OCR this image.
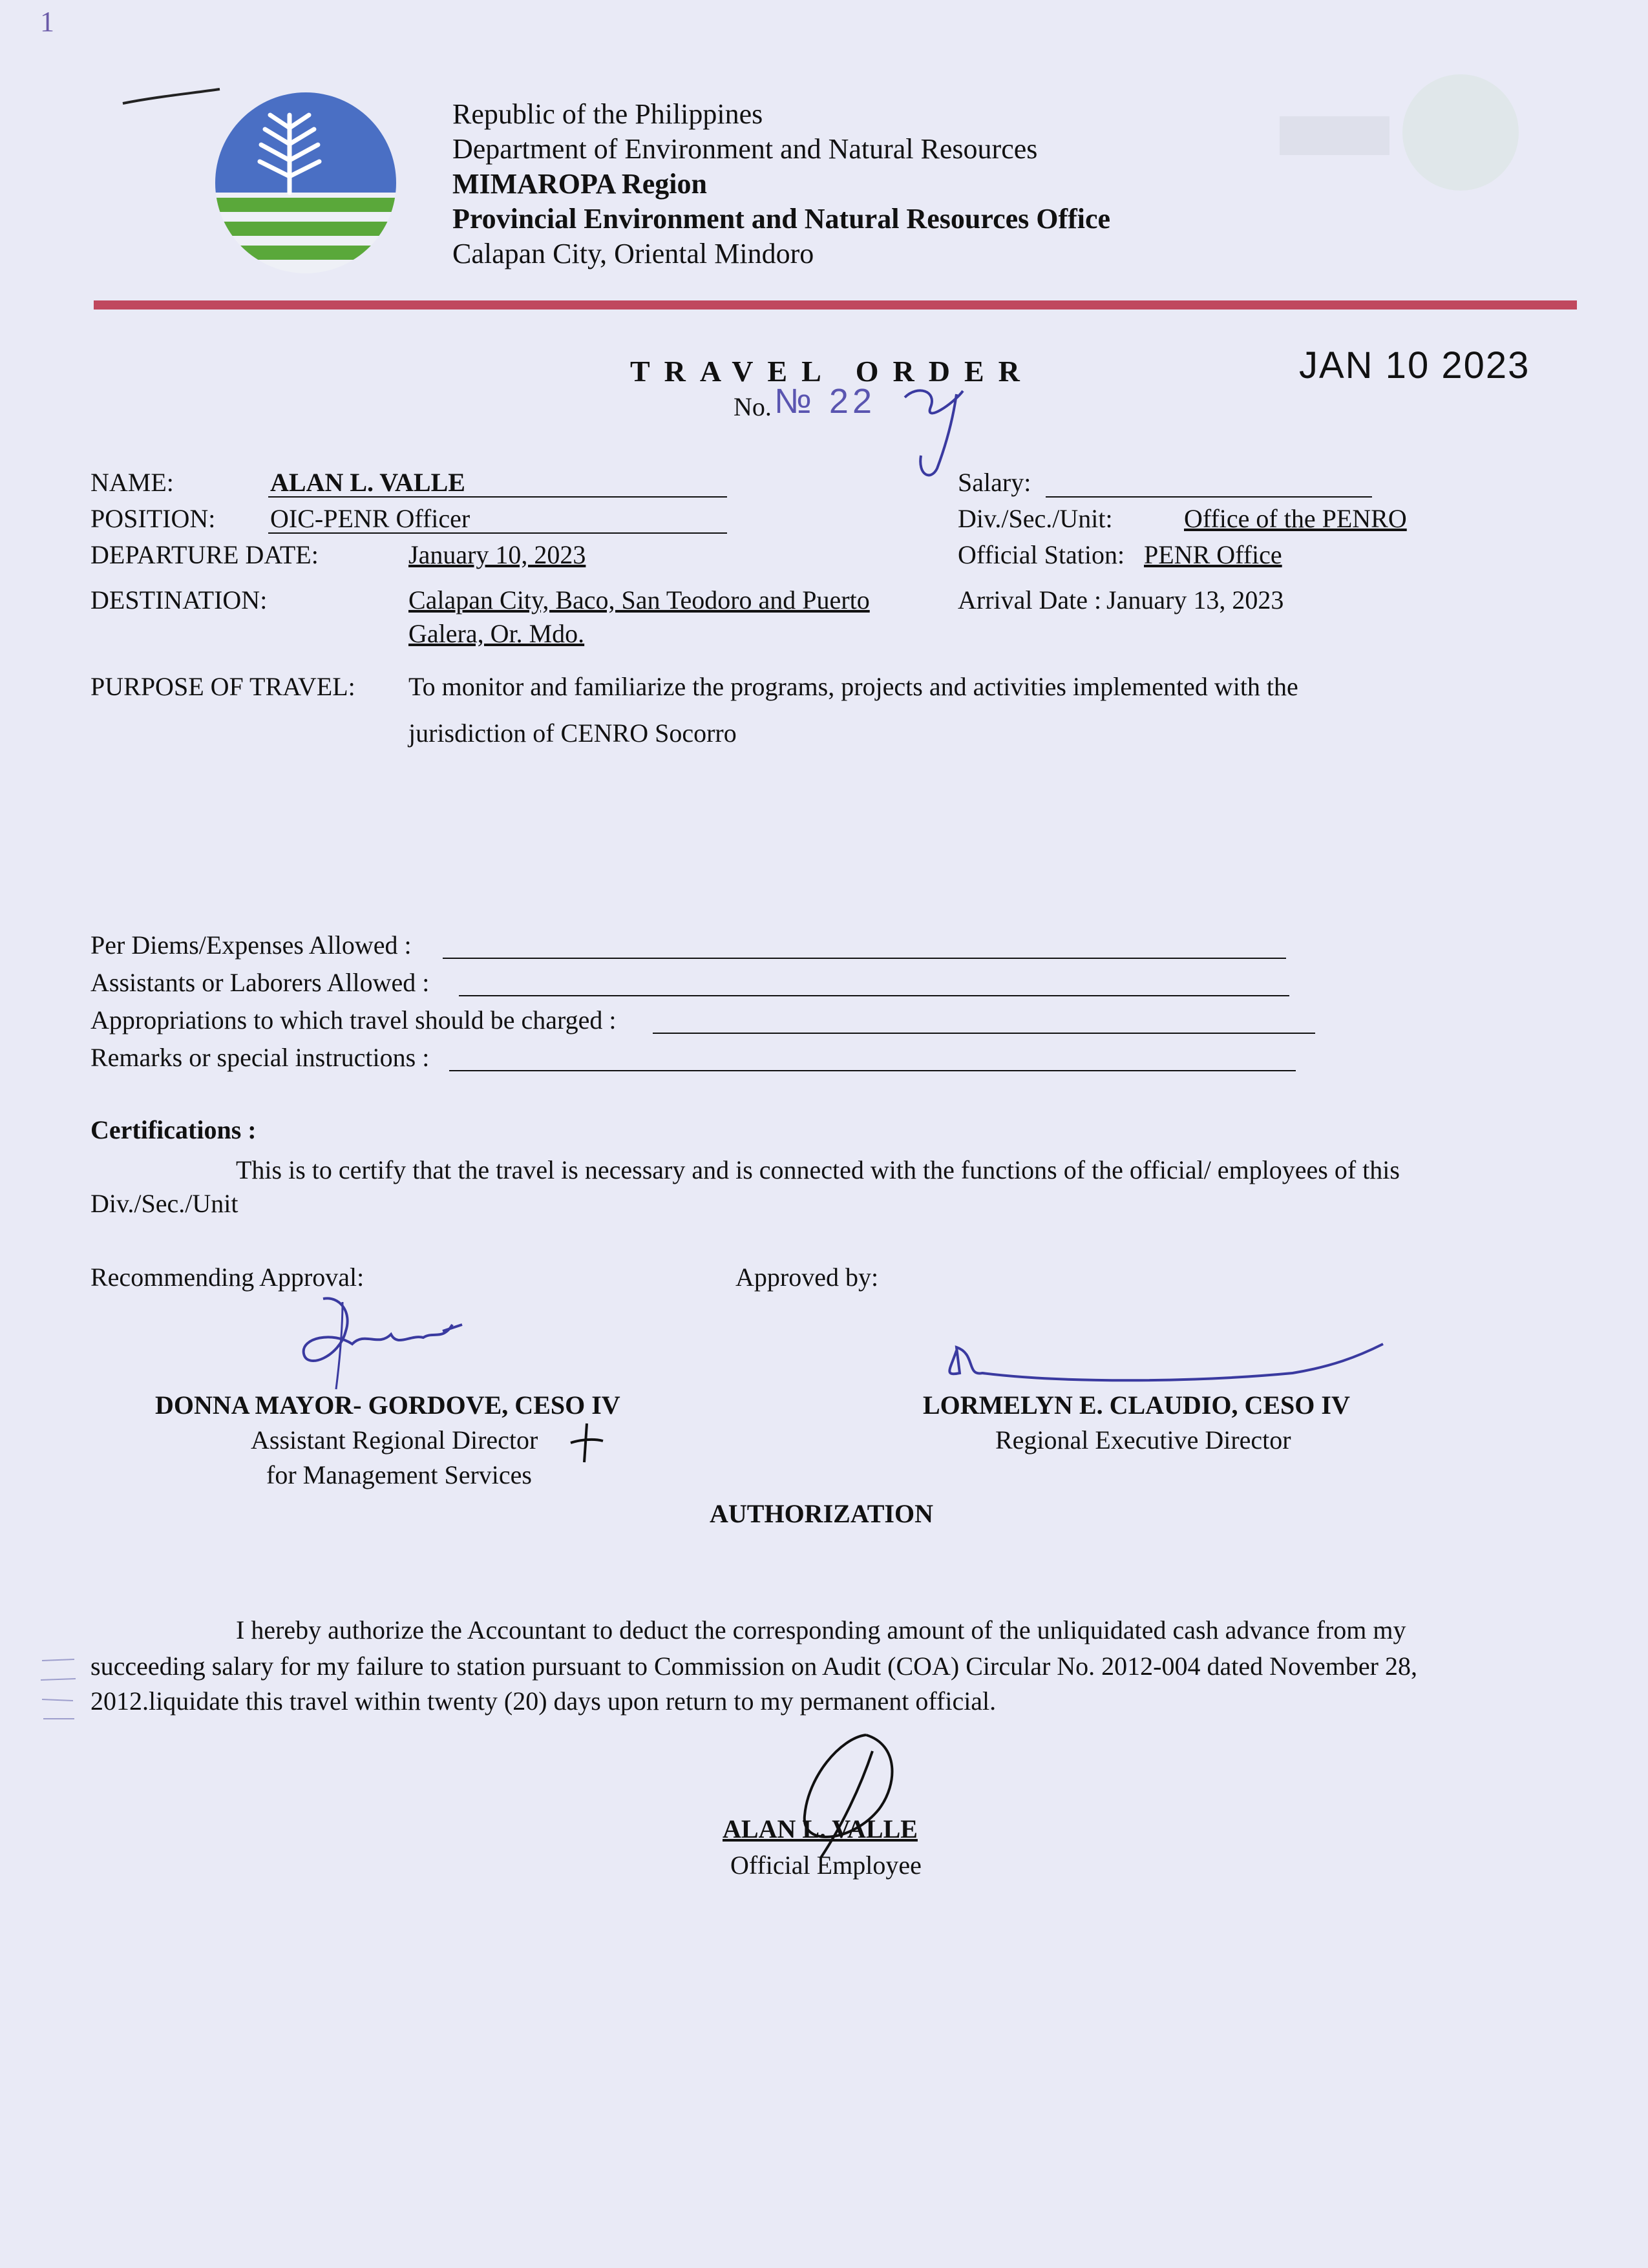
1
Republic of the Philippines
Department of Environment and Natural Resources
MIMAROPA Region
Provincial Environment and Natural Resources Office
Calapan City, Oriental Mindoro
TRAVEL ORDER	JAN 10 2023
No. № 22
NAME:	ALAN L. VALLE
POSITION: OIC-PENR Officer
DEPARTURE DATE:	January 10, 2023
DESTINATION:	Calapan City, Baco, San Teodoro and Puerto
Galera, Or. Mdo.
Salary:
Div./Sec./Unit:	Office of the PENRO
Official Station: PENR Office
Arrival Date : January 13, 2023
PURPOSE OF TRAVEL: To monitor and familiarize the programs, projects and activities implemented with the
jurisdiction of CENRO Socorro
Per Diems/Expenses Allowed :
Assistants or Laborers Allowed :
Appropriations to which travel should be charged :
Remarks or special instructions :
Certifications :
This is to certify that the travel is necessary and is connected with the functions of the official/ employees of this
Div./Sec./Unit
Recommending Approval:	Approved by:
DONNA MAYOR- GORDOVE, CESO IV
Assistant Regional Director
for Management Services
LORMELYN E. CLAUDIO, CESO IV
Regional Executive Director
AUTHORIZATION
I hereby authorize the Accountant to deduct the corresponding amount of the unliquidated cash advance from my
succeeding salary for my failure to station pursuant to Commission on Audit (COA) Circular No. 2012-004 dated November 28,
2012.liquidate this travel within twenty (20) days upon return to my permanent official.
ALAN L. VALLE
Official Employee
